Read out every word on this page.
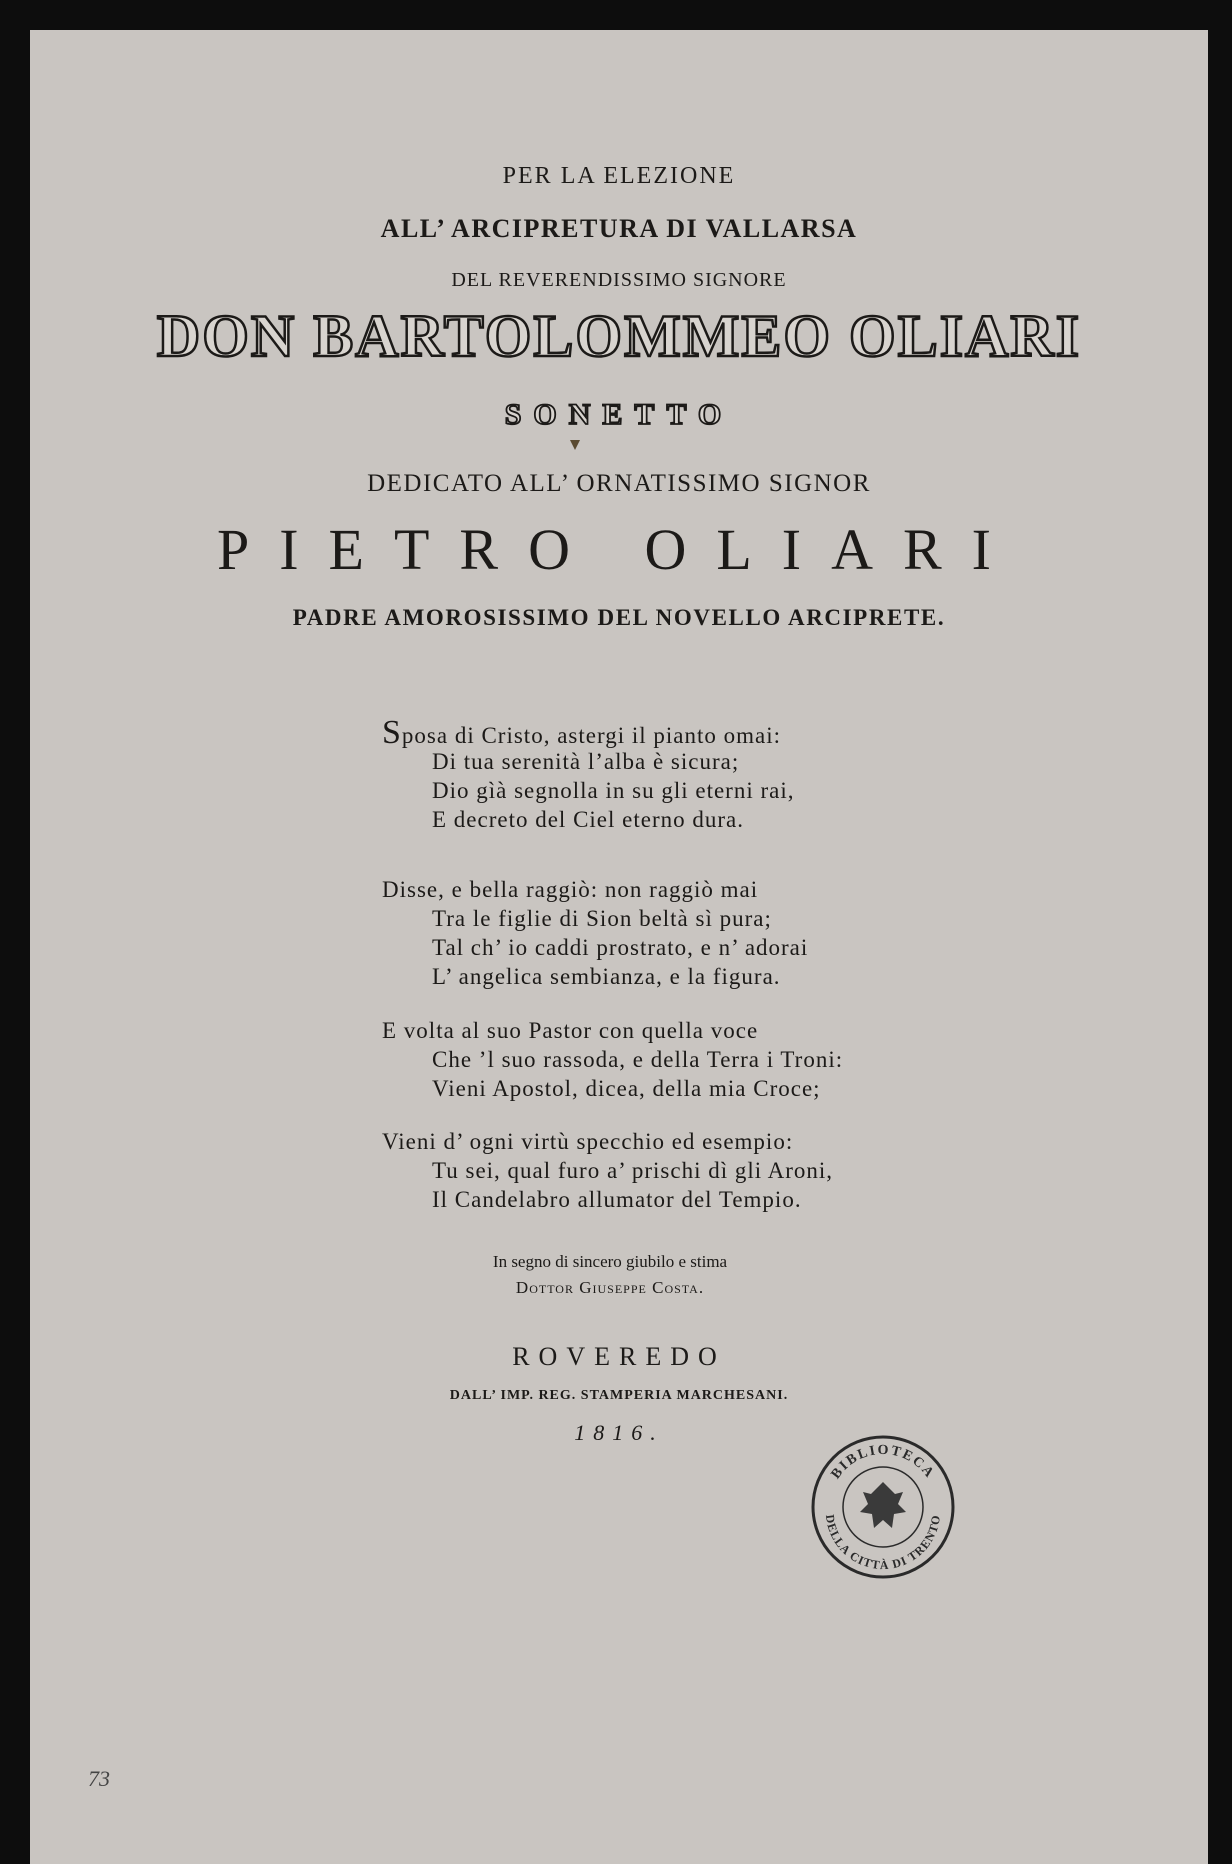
PER LA ELEZIONE
ALL’ ARCIPRETURA DI VALLARSA
DEL REVERENDISSIMO SIGNORE
DON BARTOLOMMEO OLIARI
SONETTO
DEDICATO ALL’ ORNATISSIMO SIGNOR
PIETRO OLIARI
PADRE AMOROSISSIMO DEL NOVELLO ARCIPRETE.
Sposa di Cristo, astergi il pianto omai:
Di tua serenità l’alba è sicura;
Dio gìà segnolla in su gli eterni rai,
E decreto del Ciel eterno dura.
Disse, e bella raggiò: non raggiò mai
Tra le figlie di Sion beltà sì pura;
Tal ch’ io caddi prostrato, e n’ adorai
L’ angelica sembianza, e la figura.
E volta al suo Pastor con quella voce
Che ’l suo rassoda, e della Terra i Troni:
Vieni Apostol, dicea, della mia Croce;
Vieni d’ ogni virtù specchio ed esempio:
Tu sei, qual furo a’ prischi dì gli Aroni,
Il Candelabro allumator del Tempio.
In segno di sincero giubilo e stima
Dottor Giuseppe Costa.
ROVEREDO
DALL’ IMP. REG. STAMPERIA MARCHESANI.
1816.
73
BIBLIOTECA
DELLA CITTÀ DI TRENTO
